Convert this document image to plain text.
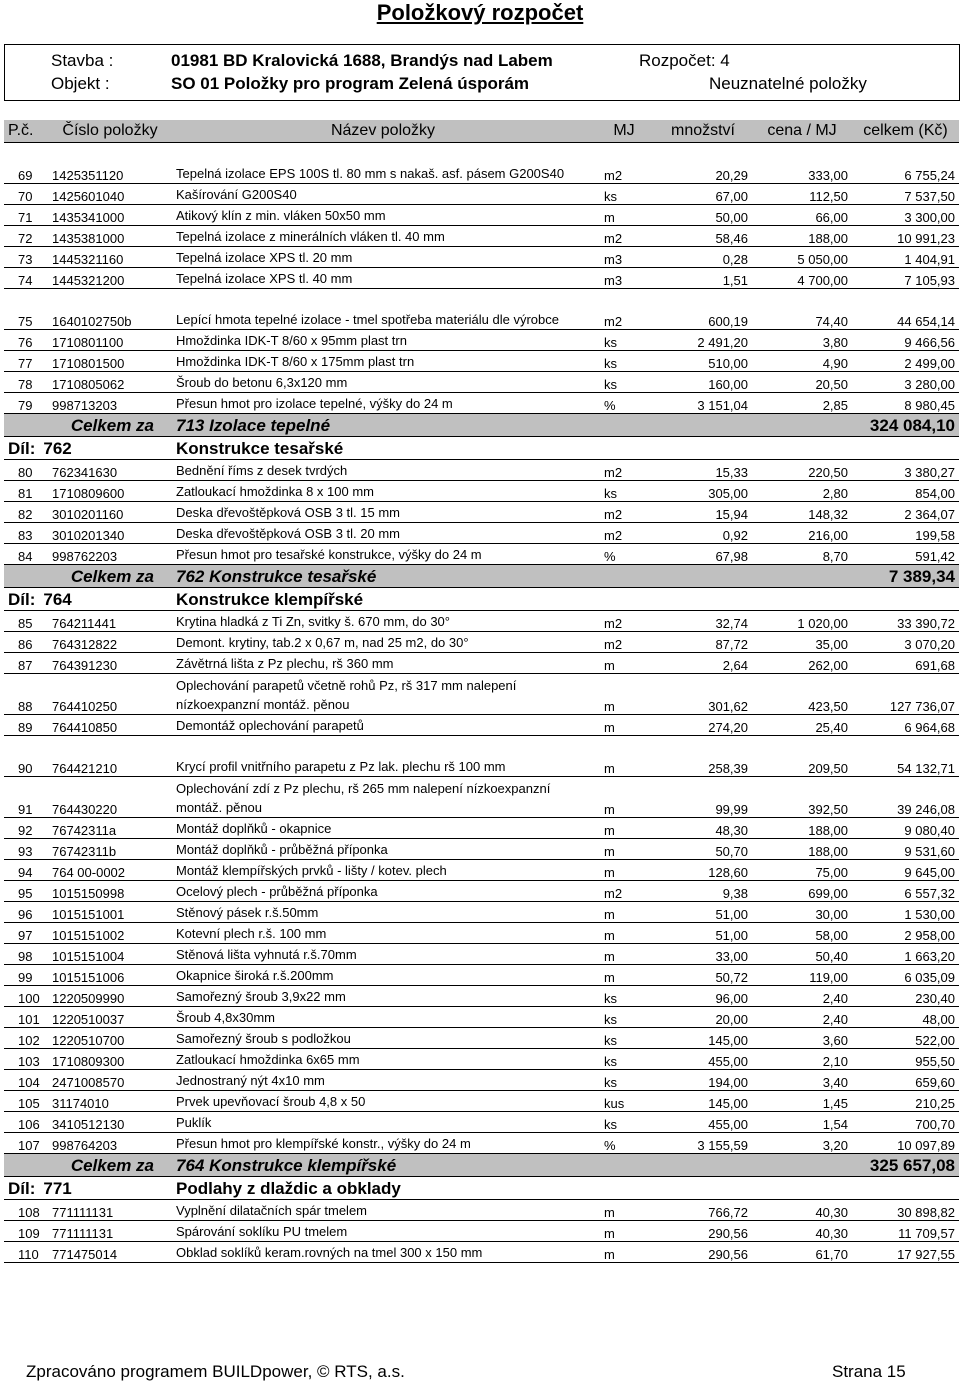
Položkový rozpočet
Stavba :	01981 BD Kralovická 1688, Brandýs nad Labem
Objekt :	SO 01 Položky pro program Zelená úsporám
Rozpočet: 4
Neuznatelné položky
P.č.	Číslo položky	Název položky	MJ	množství	cena / MJ	celkem (Kč)
69	1425351120	Tepelná izolace EPS 100S tl. 80 mm s nakaš. asf. pásem G200S40	m2	20,29	333,00	6 755,24
70	1425601040	Kašírování G200S40	ks	67,00	112,50	7 537,50
71	1435341000	Atikový klín z min. vláken 50x50 mm	m	50,00	66,00	3 300,00
72	1435381000	Tepelná izolace z minerálních vláken tl. 40 mm	m2	58,46	188,00	10 991,23
73	1445321160	Tepelná izolace XPS tl. 20 mm	m3	0,28	5 050,00	1 404,91
74	1445321200	Tepelná izolace XPS tl. 40 mm	m3	1,51	4 700,00	7 105,93
75	1640102750b	Lepící hmota tepelné izolace - tmel spotřeba materiálu dle výrobce	m2	600,19	74,40	44 654,14
76	1710801100	Hmoždinka IDK-T 8/60 x 95mm plast trn	ks	2 491,20	3,80	9 466,56
77	1710801500	Hmoždinka IDK-T 8/60 x 175mm plast trn	ks	510,00	4,90	2 499,00
78	1710805062	Šroub do betonu 6,3x120 mm	ks	160,00	20,50	3 280,00
79	998713203	Přesun hmot pro izolace tepelné, výšky do 24 m	%	3 151,04	2,85	8 980,45
Celkem za		713 Izolace tepelné				324 084,10
Díl: 762		Konstrukce tesařské				
80	762341630	Bednění říms z desek tvrdých	m2	15,33	220,50	3 380,27
81	1710809600	Zatloukací hmoždinka 8 x 100 mm	ks	305,00	2,80	854,00
82	3010201160	Deska dřevoštěpková OSB 3 tl. 15 mm	m2	15,94	148,32	2 364,07
83	3010201340	Deska dřevoštěpková OSB 3 tl. 20 mm	m2	0,92	216,00	199,58
84	998762203	Přesun hmot pro tesařské konstrukce, výšky do 24 m	%	67,98	8,70	591,42
Celkem za		762 Konstrukce tesařské				7 389,34
Díl: 764		Konstrukce klempířské				
85	764211441	Krytina hladká z Ti Zn, svitky š. 670 mm, do 30°	m2	32,74	1 020,00	33 390,72
86	764312822	Demont. krytiny, tab.2 x 0,67 m, nad 25 m2, do 30°	m2	87,72	35,00	3 070,20
87	764391230	Závětrná lišta z Pz plechu, rš 360 mm	m	2,64	262,00	691,68
88	764410250	Oplechování parapetů včetně rohů Pz, rš 317 mm nalepení nízkoexpanzní montáž. pěnou	m	301,62	423,50	127 736,07
89	764410850	Demontáž oplechování parapetů	m	274,20	25,40	6 964,68
90	764421210	Krycí profil vnitřního parapetu z Pz lak. plechu rš 100 mm	m	258,39	209,50	54 132,71
91	764430220	Oplechování zdí z Pz plechu, rš 265 mm nalepení nízkoexpanzní montáž. pěnou	m	99,99	392,50	39 246,08
92	76742311a	Montáž doplňků - okapnice	m	48,30	188,00	9 080,40
93	76742311b	Montáž doplňků - průběžná příponka	m	50,70	188,00	9 531,60
94	764 00-0002	Montáž klempířských prvků - lišty / kotev. plech	m	128,60	75,00	9 645,00
95	1015150998	Ocelový plech - průběžná příponka	m2	9,38	699,00	6 557,32
96	1015151001	Stěnový pásek r.š.50mm	m	51,00	30,00	1 530,00
97	1015151002	Kotevní plech r.š. 100 mm	m	51,00	58,00	2 958,00
98	1015151004	Stěnová lišta vyhnutá r.š.70mm	m	33,00	50,40	1 663,20
99	1015151006	Okapnice široká r.š.200mm	m	50,72	119,00	6 035,09
100	1220509990	Samořezný šroub 3,9x22 mm	ks	96,00	2,40	230,40
101	1220510037	Šroub 4,8x30mm	ks	20,00	2,40	48,00
102	1220510700	Samořezný šroub s podložkou	ks	145,00	3,60	522,00
103	1710809300	Zatloukací hmoždinka 6x65 mm	ks	455,00	2,10	955,50
104	2471008570	Jednostraný nýt 4x10 mm	ks	194,00	3,40	659,60
105	31174010	Prvek upevňovací šroub 4,8 x 50	kus	145,00	1,45	210,25
106	3410512130	Puklík	ks	455,00	1,54	700,70
107	998764203	Přesun hmot pro klempířské konstr., výšky do 24 m	%	3 155,59	3,20	10 097,89
Celkem za		764 Konstrukce klempířské				325 657,08
Díl: 771		Podlahy z dlaždic a obklady				
108	771111131	Vyplnění dilatačních spár tmelem	m	766,72	40,30	30 898,82
109	771111131	Spárování soklíku PU tmelem	m	290,56	40,30	11 709,57
110	771475014	Obklad soklíků keram.rovných na tmel 300 x 150 mm	m	290,56	61,70	17 927,55
Zpracováno programem BUILDpower, © RTS, a.s.	Strana 15
